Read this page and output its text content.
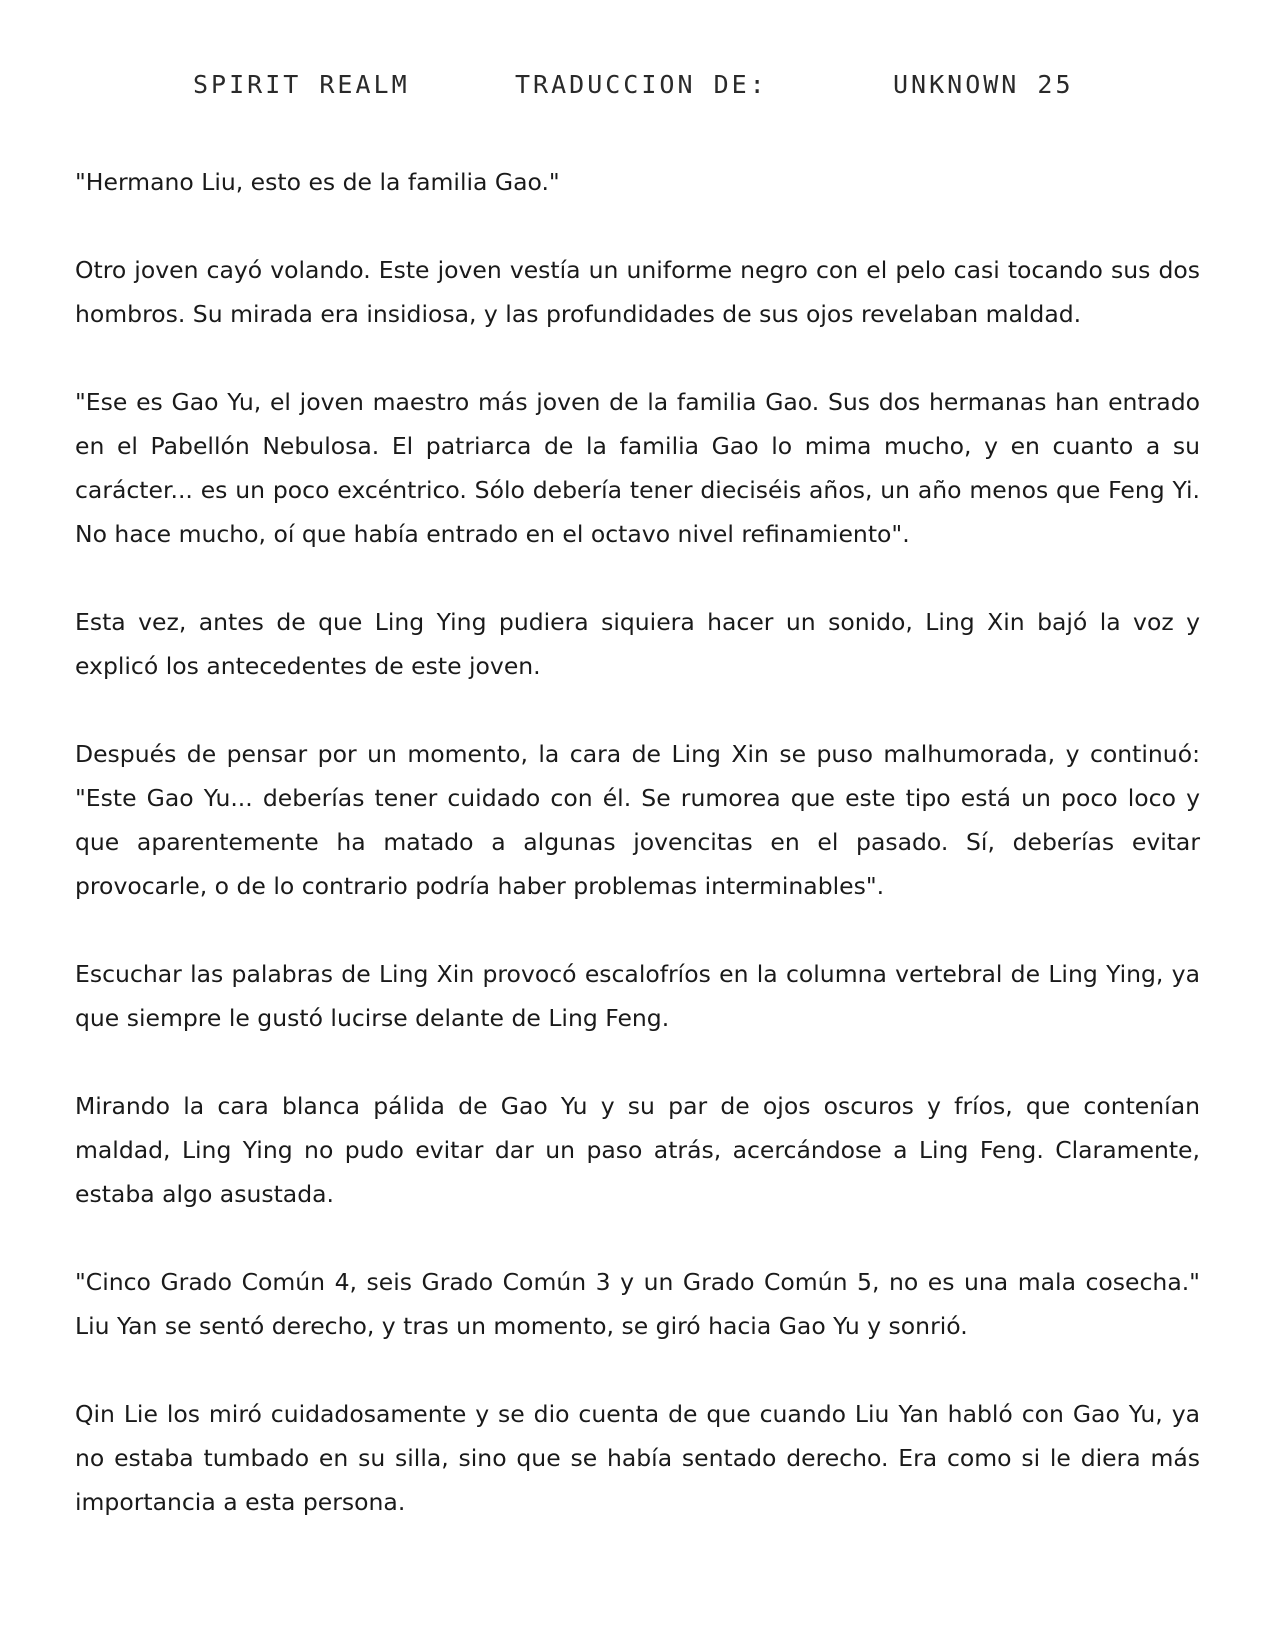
SPIRIT REALM	TRADUCCION DE:	UNKNOWN 25

"Hermano Liu, esto es de la familia Gao."

Otro joven cayó volando. Este joven vestía un uniforme negro con el pelo casi tocando sus dos hombros. Su mirada era insidiosa, y las profundidades de sus ojos revelaban maldad.

"Ese es Gao Yu, el joven maestro más joven de la familia Gao. Sus dos hermanas han entrado en el Pabellón Nebulosa. El patriarca de la familia Gao lo mima mucho, y en cuanto a su carácter... es un poco excéntrico. Sólo debería tener dieciséis años, un año menos que Feng Yi. No hace mucho, oí que había entrado en el octavo nivel refinamiento".

Esta vez, antes de que Ling Ying pudiera siquiera hacer un sonido, Ling Xin bajó la voz y explicó los antecedentes de este joven.

Después de pensar por un momento, la cara de Ling Xin se puso malhumorada, y continuó: "Este Gao Yu... deberías tener cuidado con él. Se rumorea que este tipo está un poco loco y que aparentemente ha matado a algunas jovencitas en el pasado. Sí, deberías evitar provocarle, o de lo contrario podría haber problemas interminables".

Escuchar las palabras de Ling Xin provocó escalofríos en la columna vertebral de Ling Ying, ya que siempre le gustó lucirse delante de Ling Feng.

Mirando la cara blanca pálida de Gao Yu y su par de ojos oscuros y fríos, que contenían maldad, Ling Ying no pudo evitar dar un paso atrás, acercándose a Ling Feng. Claramente, estaba algo asustada.

"Cinco Grado Común 4, seis Grado Común 3 y un Grado Común 5, no es una mala cosecha." Liu Yan se sentó derecho, y tras un momento, se giró hacia Gao Yu y sonrió.

Qin Lie los miró cuidadosamente y se dio cuenta de que cuando Liu Yan habló con Gao Yu, ya no estaba tumbado en su silla, sino que se había sentado derecho. Era como si le diera más importancia a esta persona.
